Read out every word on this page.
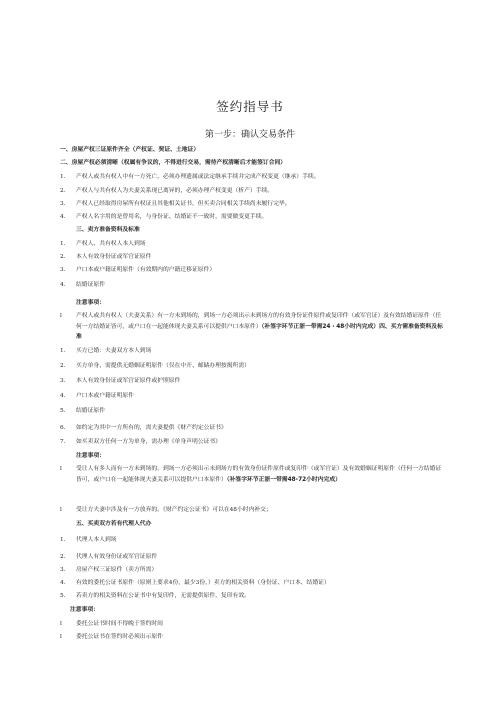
签约指导书
第一步：确认交易条件
一、房屋产权三证原件齐全（产权证、契证、土地证）
二、房屋产权必须清晰（权属有争议的，不得进行交易，需待产权清晰后才能签订合同）
1. 产权人或共有权人中有一方死亡，必须办理遗属或法定继承手续并完成产权变更（继承）手续。
2. 产权人与共有权人为夫妻关系现已离异的，必须办理产权变更（析产）手续。
3. 产权人已经取得房屋所有权证且其他相关证书，但买卖合同相关手续尚未履行完毕。
4. 产权人名字用的是曾用名，与身份证、结婚证不一致时，需要做变更手续。
三、卖方准备资料及标准
1. 产权人、共有权人本人到场
2. 本人有效身份证或军官证原件
3. 户口本或户籍证明原件（有效期内的户籍迁移证原件）
4. 结婚证原件
注意事项：
l 产权人或共有权人（夫妻关系）有一方未到场的，到场一方必须出示未到场方的有效身份证件原件或复印件（或军官证）及有效结婚证原件（任何一方结婚证皆可，或户口在一起能体现夫妻关系可以提供户口本原件）（补签字环节正浙一带需24・48小时内完成）四、买方需准备资料及标准
1. 买方已婚：夫妻双方本人到场
2. 买方单身，需提供无婚姻证明原件（仅在中开、邮储办理按揭所需）
3. 本人有效身份证或军官证原件或护照原件
4. 户口本或户籍证明原件
5. 结婚证原件
6. 如约定为其中一方所有的，需夫妻提供《财产约定公证书》
7. 如买卖双方任何一方为单身，需办理《单身声明公证书》
注意事项：
l 受让人有多人而有一方未到场的，到场一方必须出示未到场方的有效身份证件原件或复印件（或军官证）及有效婚姻证明原件（任何一方结婚证皆可，或户口在一起能体现夫妻关系可以提供户口本原件）（补签字环节正浙一带需48-72小时内完成）
l 受让方夫妻中涉及有一方放弃的，《财产约定公证书》可以在48小时内补交；
五、买卖双方若有代理人代办
1. 代理人本人到场
2. 代理人有效身份证或军官证原件
3. 房屋产权三证原件（卖方所需）
4. 有效的委托公证书原件（原则上要求4份，最少3份，）卖方的相关资料（身份证、户口本、结婚证）
5. 若卖方的相关资料在公证书中有复印件，无需提供原件，复印有效。
注意事项：
l 委托公证书时间不得晚于签约时间
l 委托公证书在签约时必须出示原件
